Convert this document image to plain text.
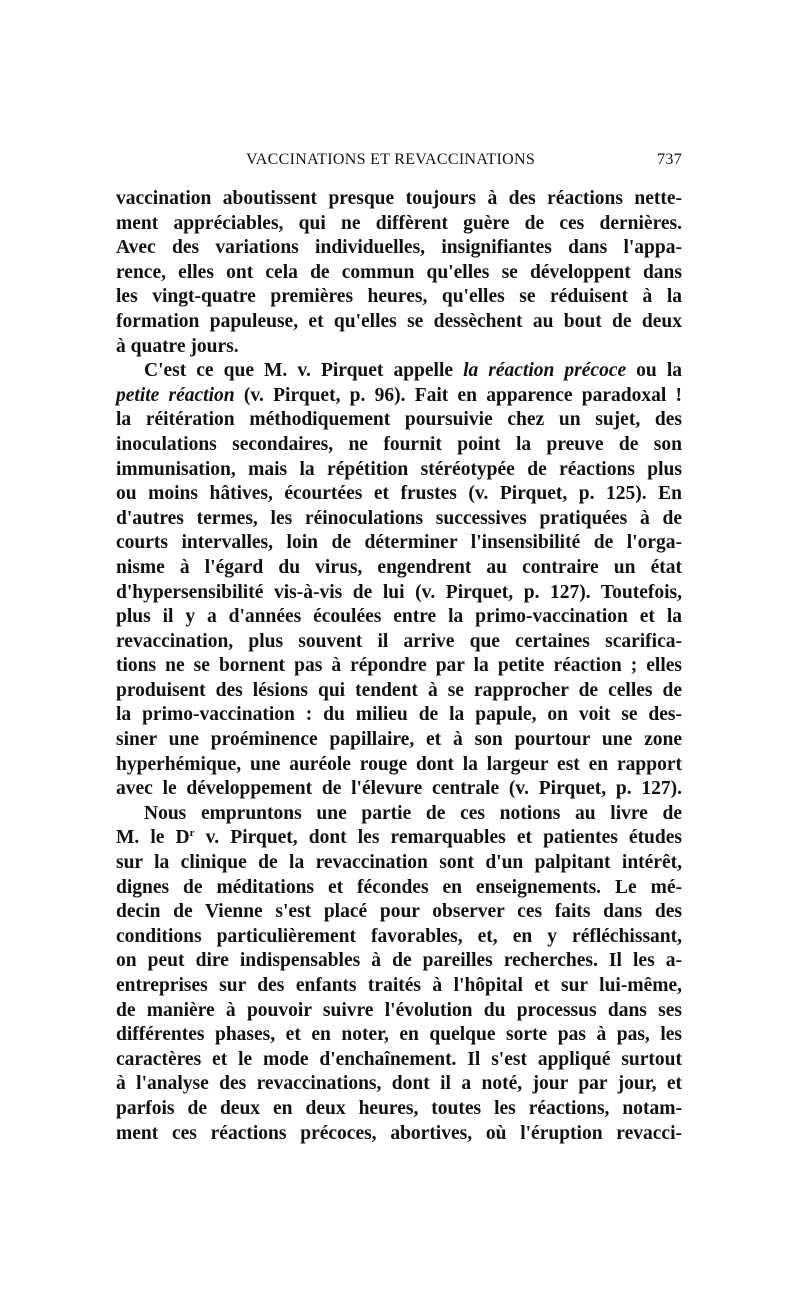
VACCINATIONS ET REVACCINATIONS	737
vaccination aboutissent presque toujours à des réactions nette-
ment appréciables, qui ne diffèrent guère de ces dernières.
Avec des variations individuelles, insignifiantes dans l'appa-
rence, elles ont cela de commun qu'elles se développent dans
les vingt-quatre premières heures, qu'elles se réduisent à la
formation papuleuse, et qu'elles se dessèchent au bout de deux
à quatre jours.
C'est ce que M. v. Pirquet appelle la réaction précoce ou la
petite réaction (v. Pirquet, p. 96). Fait en apparence paradoxal !
la réitération méthodiquement poursuivie chez un sujet, des
inoculations secondaires, ne fournit point la preuve de son
immunisation, mais la répétition stéréotypée de réactions plus
ou moins hâtives, écourtées et frustes (v. Pirquet, p. 125). En
d'autres termes, les réinoculations successives pratiquées à de
courts intervalles, loin de déterminer l'insensibilité de l'orga-
nisme à l'égard du virus, engendrent au contraire un état
d'hypersensibilité vis-à-vis de lui (v. Pirquet, p. 127). Toutefois,
plus il y a d'années écoulées entre la primo-vaccination et la
revaccination, plus souvent il arrive que certaines scarifica-
tions ne se bornent pas à répondre par la petite réaction ; elles
produisent des lésions qui tendent à se rapprocher de celles de
la primo-vaccination : du milieu de la papule, on voit se des-
siner une proéminence papillaire, et à son pourtour une zone
hyperhémique, une auréole rouge dont la largeur est en rapport
avec le développement de l'élevure centrale (v. Pirquet, p. 127).
Nous empruntons une partie de ces notions au livre de
M. le $D^r$ v. Pirquet, dont les remarquables et patientes études
sur la clinique de la revaccination sont d'un palpitant intérêt,
dignes de méditations et fécondes en enseignements. Le mé-
decin de Vienne s'est placé pour observer ces faits dans des
conditions particulièrement favorables, et, en y réfléchissant,
on peut dire indispensables à de pareilles recherches. Il les a-
entreprises sur des enfants traités à l'hôpital et sur lui-même,
de manière à pouvoir suivre l'évolution du processus dans ses
différentes phases, et en noter, en quelque sorte pas à pas, les
caractères et le mode d'enchaînement. Il s'est appliqué surtout
à l'analyse des revaccinations, dont il a noté, jour par jour, et
parfois de deux en deux heures, toutes les réactions, notam-
ment ces réactions précoces, abortives, où l'éruption revacci-
